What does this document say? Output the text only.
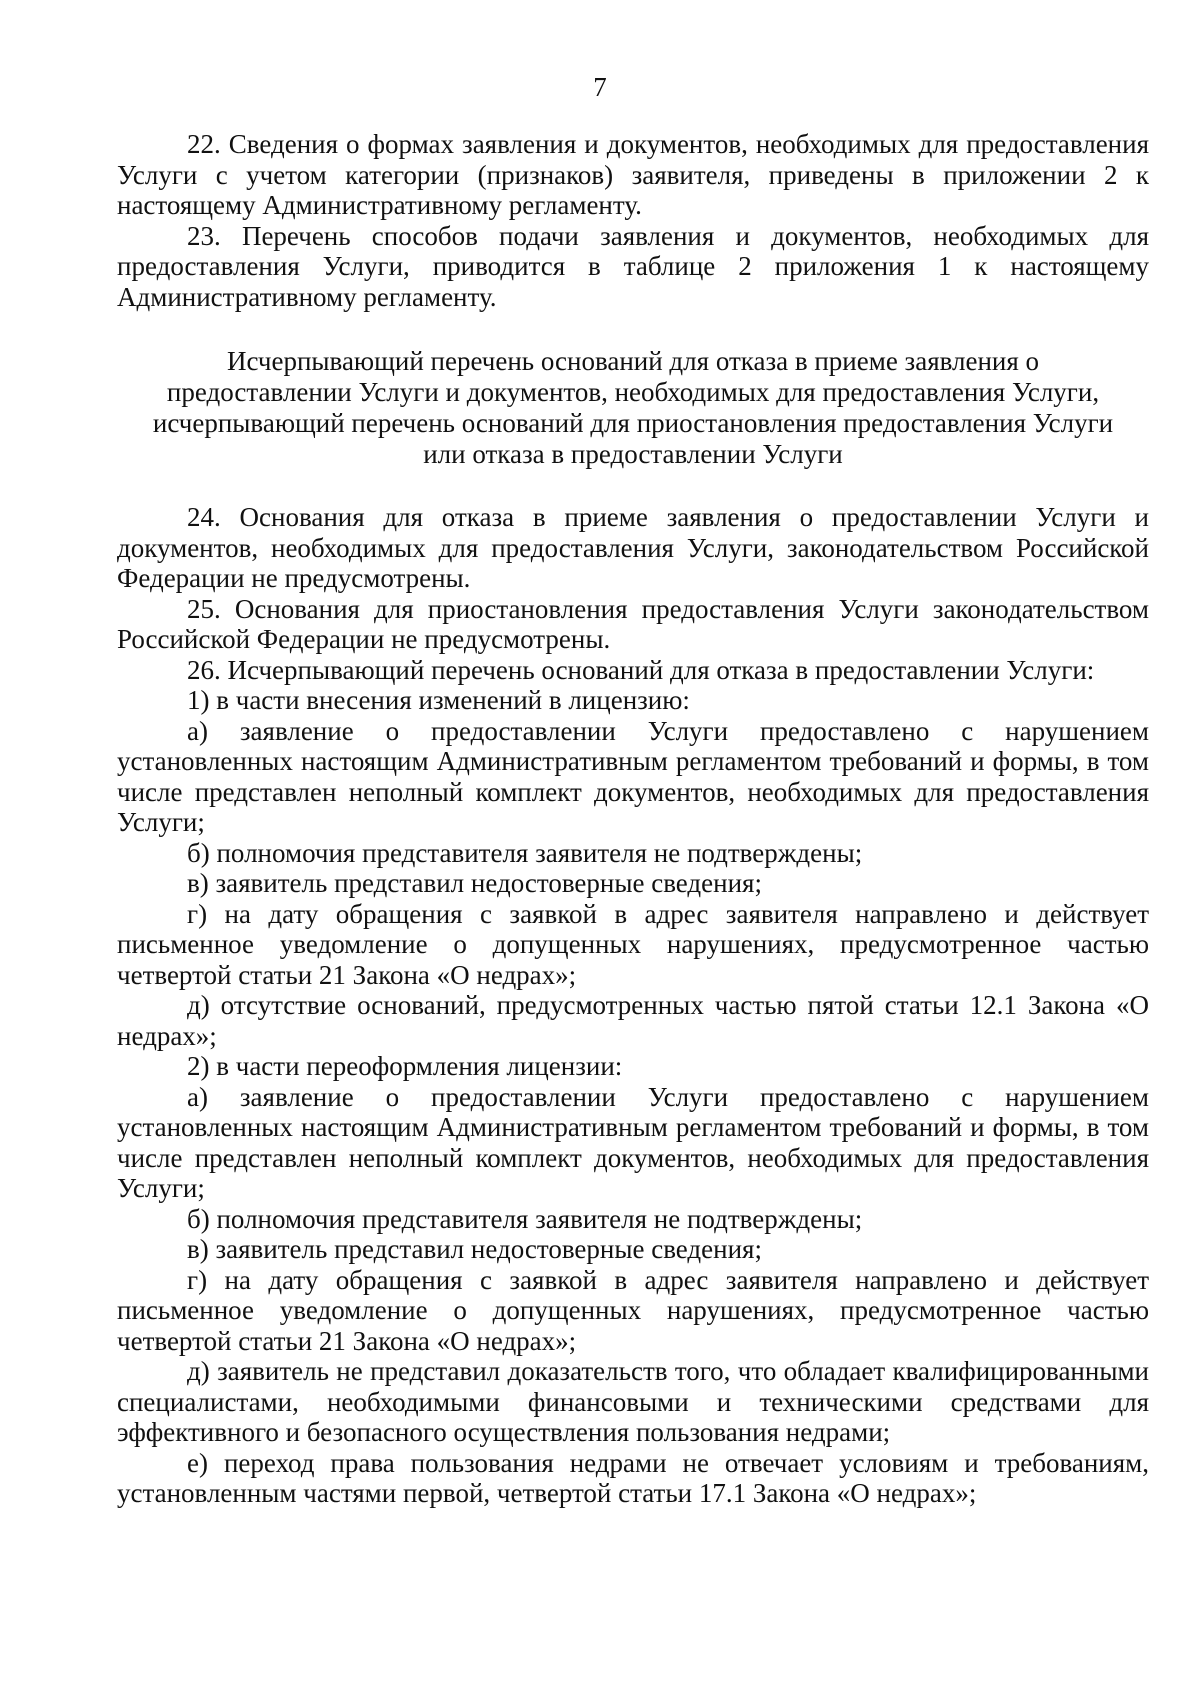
7

22. Сведения о формах заявления и документов, необходимых для предоставления Услуги с учетом категории (признаков) заявителя, приведены в приложении 2 к настоящему Административному регламенту.

23. Перечень способов подачи заявления и документов, необходимых для предоставления Услуги, приводится в таблице 2 приложения 1 к настоящему Административному регламенту.

Исчерпывающий перечень оснований для отказа в приеме заявления о
предоставлении Услуги и документов, необходимых для предоставления Услуги,
исчерпывающий перечень оснований для приостановления предоставления Услуги
или отказа в предоставлении Услуги

24. Основания для отказа в приеме заявления о предоставлении Услуги и документов, необходимых для предоставления Услуги, законодательством Российской Федерации не предусмотрены.

25. Основания для приостановления предоставления Услуги законодательством Российской Федерации не предусмотрены.

26. Исчерпывающий перечень оснований для отказа в предоставлении Услуги:

1) в части внесения изменений в лицензию:

а) заявление о предоставлении Услуги предоставлено с нарушением установленных настоящим Административным регламентом требований и формы, в том числе представлен неполный комплект документов, необходимых для предоставления Услуги;

б) полномочия представителя заявителя не подтверждены;

в) заявитель представил недостоверные сведения;

г) на дату обращения с заявкой в адрес заявителя направлено и действует письменное уведомление о допущенных нарушениях, предусмотренное частью четвертой статьи 21 Закона «О недрах»;

д) отсутствие оснований, предусмотренных частью пятой статьи 12.1 Закона «О недрах»;

2) в части переоформления лицензии:

а) заявление о предоставлении Услуги предоставлено с нарушением установленных настоящим Административным регламентом требований и формы, в том числе представлен неполный комплект документов, необходимых для предоставления Услуги;

б) полномочия представителя заявителя не подтверждены;

в) заявитель представил недостоверные сведения;

г) на дату обращения с заявкой в адрес заявителя направлено и действует письменное уведомление о допущенных нарушениях, предусмотренное частью четвертой статьи 21 Закона «О недрах»;

д) заявитель не представил доказательств того, что обладает квалифицированными специалистами, необходимыми финансовыми и техническими средствами для эффективного и безопасного осуществления пользования недрами;

е) переход права пользования недрами не отвечает условиям и требованиям, установленным частями первой, четвертой статьи 17.1 Закона «О недрах»;
